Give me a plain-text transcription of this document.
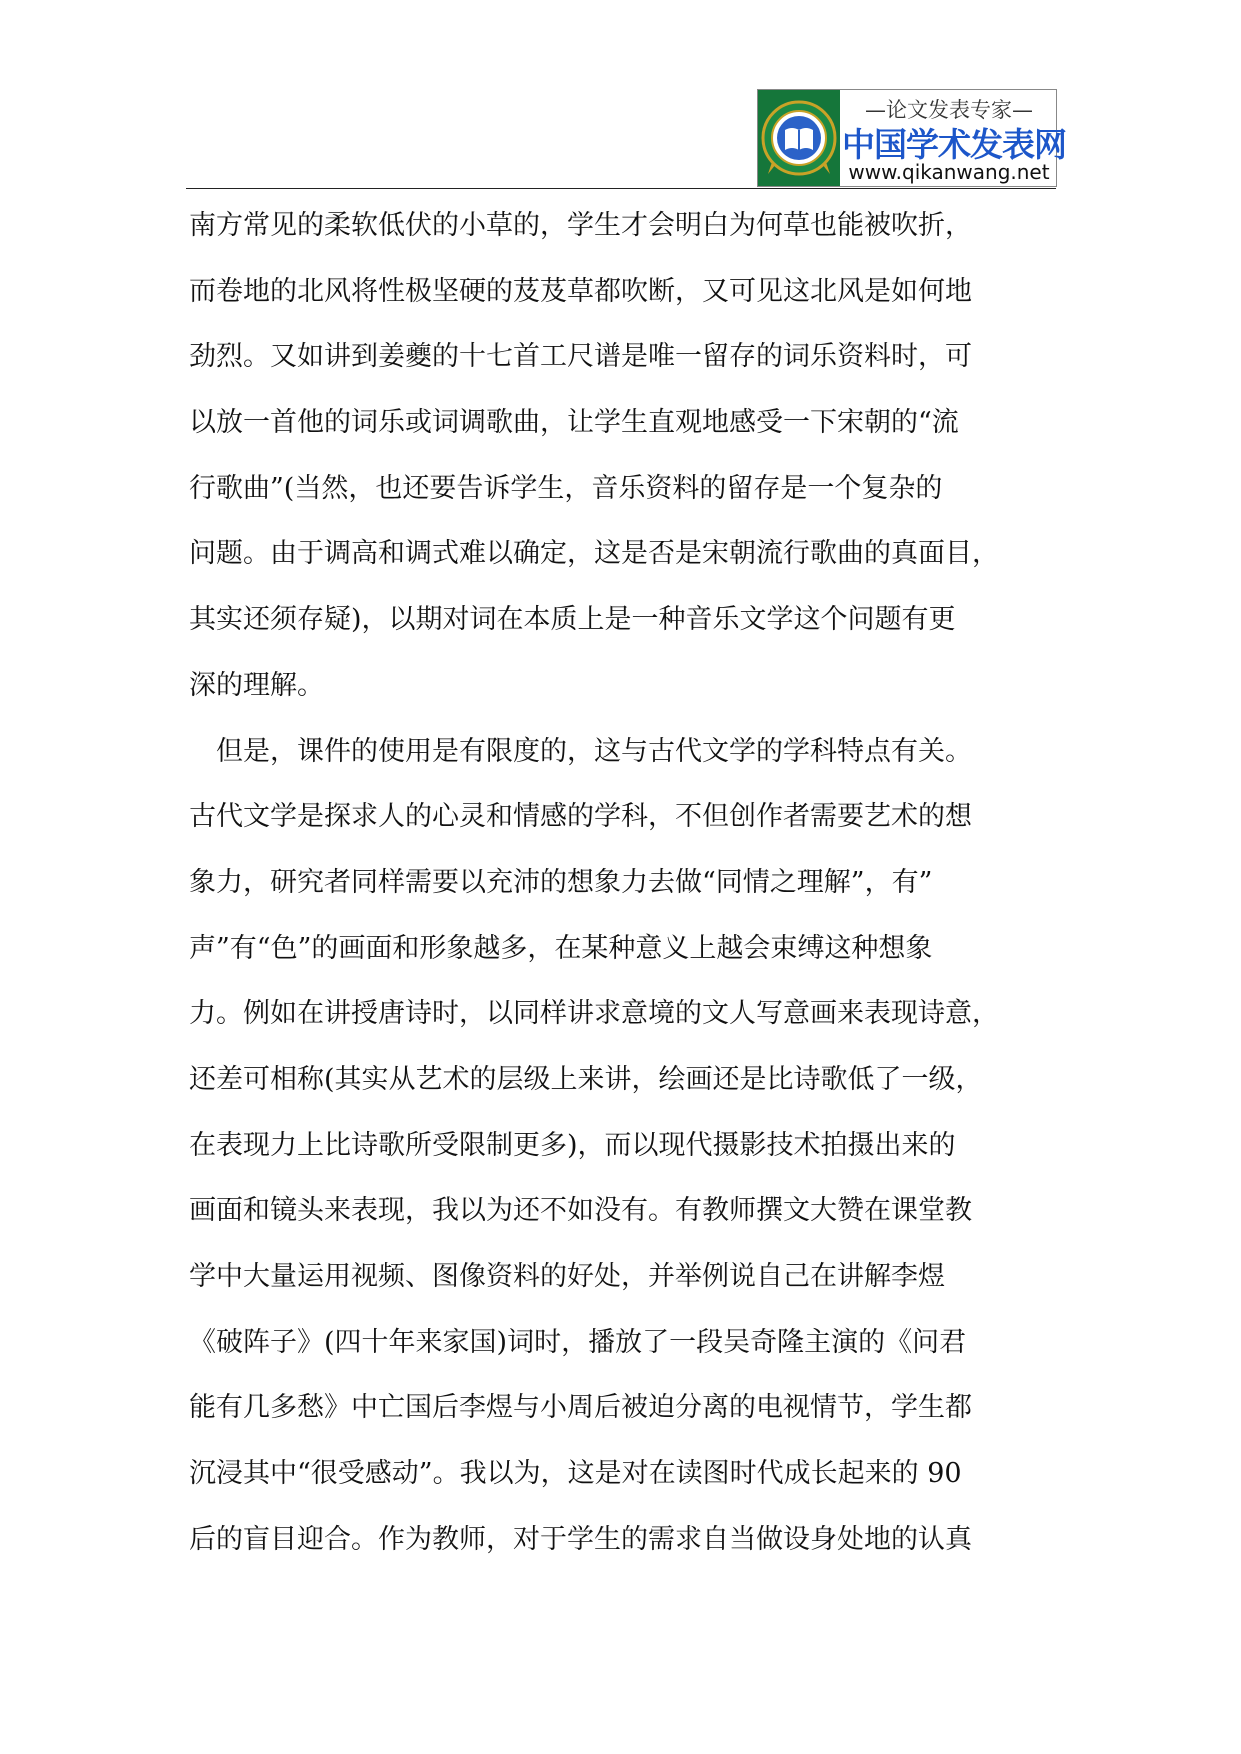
—论文发表专家—
中国学术发表网
www.qikanwang.net
南方常见的柔软低伏的小草的，学生才会明白为何草也能被吹折，
而卷地的北风将性极坚硬的芨芨草都吹断，又可见这北风是如何地
劲烈。又如讲到姜夔的十七首工尺谱是唯一留存的词乐资料时，可
以放一首他的词乐或词调歌曲，让学生直观地感受一下宋朝的“流
行歌曲”(当然，也还要告诉学生，音乐资料的留存是一个复杂的
问题。由于调高和调式难以确定，这是否是宋朝流行歌曲的真面目，
其实还须存疑)，以期对词在本质上是一种音乐文学这个问题有更
深的理解。
　但是，课件的使用是有限度的，这与古代文学的学科特点有关。
古代文学是探求人的心灵和情感的学科，不但创作者需要艺术的想
象力，研究者同样需要以充沛的想象力去做“同情之理解”，有”
声”有“色”的画面和形象越多，在某种意义上越会束缚这种想象
力。例如在讲授唐诗时，以同样讲求意境的文人写意画来表现诗意，
还差可相称(其实从艺术的层级上来讲，绘画还是比诗歌低了一级，
在表现力上比诗歌所受限制更多)，而以现代摄影技术拍摄出来的
画面和镜头来表现，我以为还不如没有。有教师撰文大赞在课堂教
学中大量运用视频、图像资料的好处，并举例说自己在讲解李煜
《破阵子》(四十年来家国)词时，播放了一段吴奇隆主演的《问君
能有几多愁》中亡国后李煜与小周后被迫分离的电视情节，学生都
沉浸其中“很受感动”。我以为，这是对在读图时代成长起来的 90
后的盲目迎合。作为教师，对于学生的需求自当做设身处地的认真
